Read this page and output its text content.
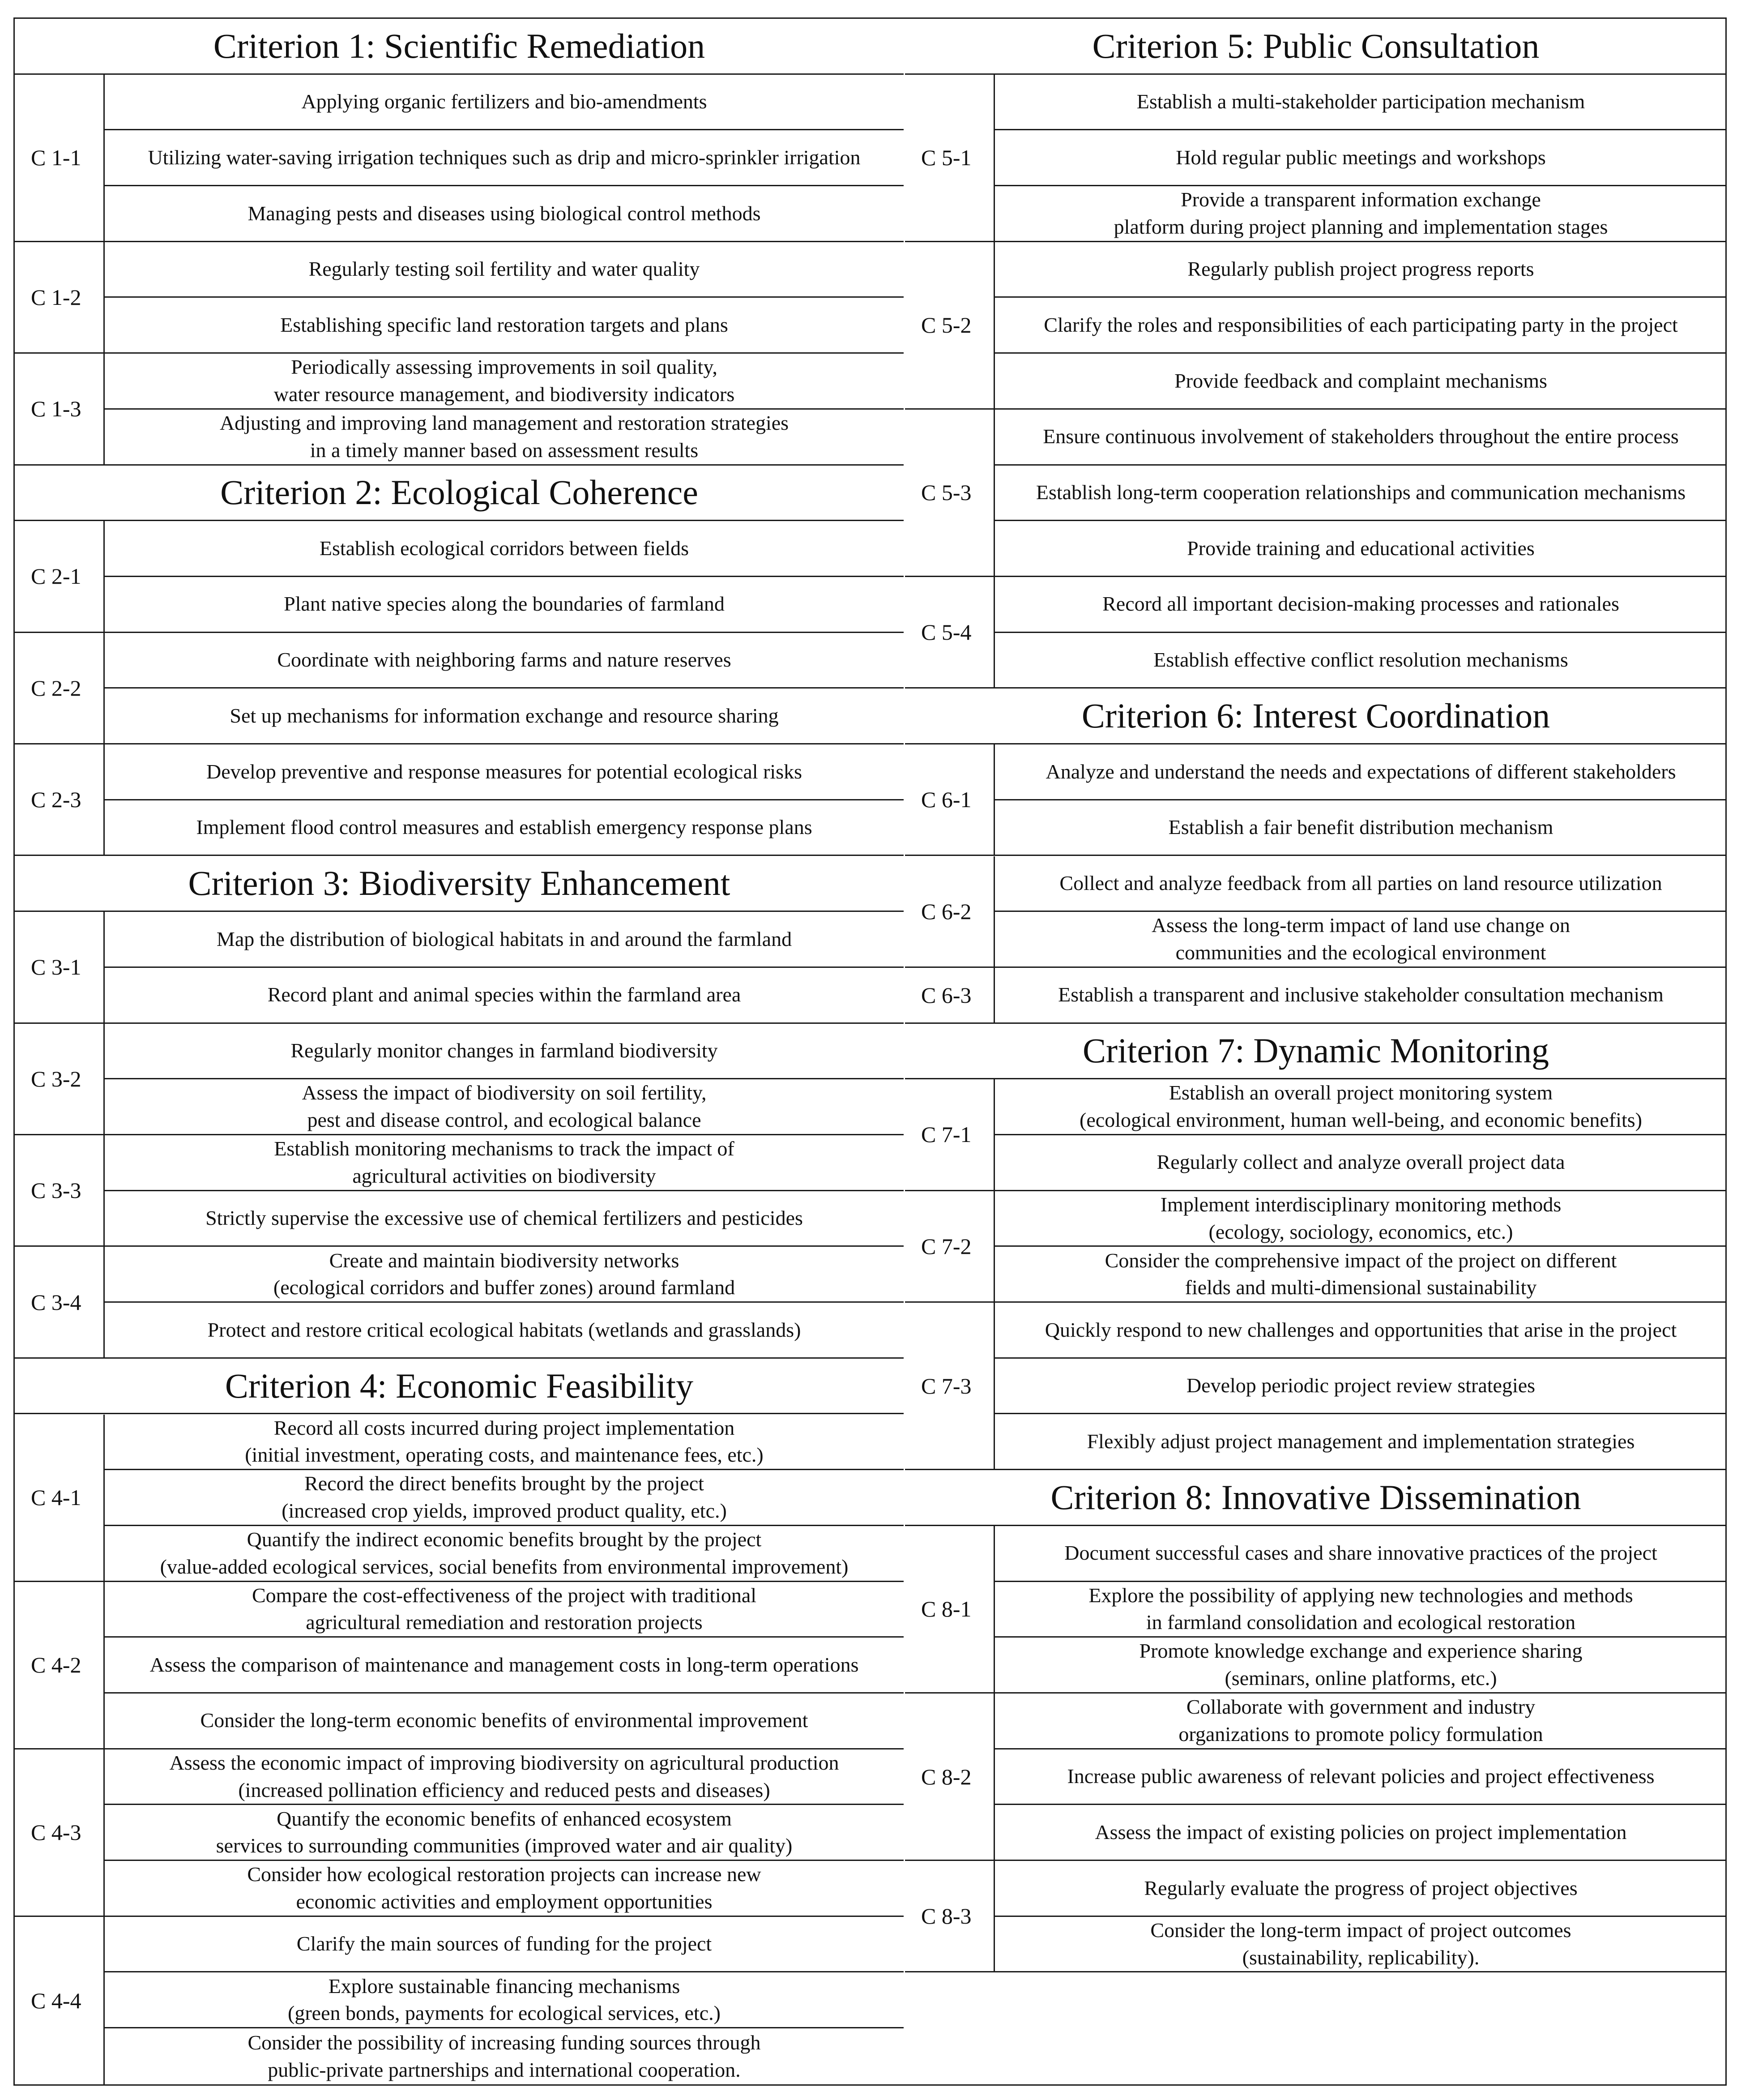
Criterion 1: Scientific Remediation
C 1-1
Applying organic fertilizers and bio-amendments
Utilizing water-saving irrigation techniques such as drip and micro-sprinkler irrigation
Managing pests and diseases using biological control methods
C 1-2
Regularly testing soil fertility and water quality
Establishing specific land restoration targets and plans
C 1-3
Periodically assessing improvements in soil quality,
water resource management, and biodiversity indicators
Adjusting and improving land management and restoration strategies
in a timely manner based on assessment results
Criterion 2: Ecological Coherence
C 2-1
Establish ecological corridors between fields
Plant native species along the boundaries of farmland
C 2-2
Coordinate with neighboring farms and nature reserves
Set up mechanisms for information exchange and resource sharing
C 2-3
Develop preventive and response measures for potential ecological risks
Implement flood control measures and establish emergency response plans
Criterion 3: Biodiversity Enhancement
C 3-1
Map the distribution of biological habitats in and around the farmland
Record plant and animal species within the farmland area
C 3-2
Regularly monitor changes in farmland biodiversity
Assess the impact of biodiversity on soil fertility,
pest and disease control, and ecological balance
C 3-3
Establish monitoring mechanisms to track the impact of
agricultural activities on biodiversity
Strictly supervise the excessive use of chemical fertilizers and pesticides
C 3-4
Create and maintain biodiversity networks
(ecological corridors and buffer zones) around farmland
Protect and restore critical ecological habitats (wetlands and grasslands)
Criterion 4: Economic Feasibility
C 4-1
Record all costs incurred during project implementation
(initial investment, operating costs, and maintenance fees, etc.)
Record the direct benefits brought by the project
(increased crop yields, improved product quality, etc.)
Quantify the indirect economic benefits brought by the project
(value-added ecological services, social benefits from environmental improvement)
C 4-2
Compare the cost-effectiveness of the project with traditional
agricultural remediation and restoration projects
Assess the comparison of maintenance and management costs in long-term operations
Consider the long-term economic benefits of environmental improvement
C 4-3
Assess the economic impact of improving biodiversity on agricultural production
(increased pollination efficiency and reduced pests and diseases)
Quantify the economic benefits of enhanced ecosystem
services to surrounding communities (improved water and air quality)
Consider how ecological restoration projects can increase new
economic activities and employment opportunities
C 4-4
Clarify the main sources of funding for the project
Explore sustainable financing mechanisms
(green bonds, payments for ecological services, etc.)
Consider the possibility of increasing funding sources through
public-private partnerships and international cooperation.
Criterion 5: Public Consultation
C 5-1
Establish a multi-stakeholder participation mechanism
Hold regular public meetings and workshops
Provide a transparent information exchange
platform during project planning and implementation stages
C 5-2
Regularly publish project progress reports
Clarify the roles and responsibilities of each participating party in the project
Provide feedback and complaint mechanisms
C 5-3
Ensure continuous involvement of stakeholders throughout the entire process
Establish long-term cooperation relationships and communication mechanisms
Provide training and educational activities
C 5-4
Record all important decision-making processes and rationales
Establish effective conflict resolution mechanisms
Criterion 6: Interest Coordination
C 6-1
Analyze and understand the needs and expectations of different stakeholders
Establish a fair benefit distribution mechanism
C 6-2
Collect and analyze feedback from all parties on land resource utilization
Assess the long-term impact of land use change on
communities and the ecological environment
C 6-3	Establish a transparent and inclusive stakeholder consultation mechanism
Criterion 7: Dynamic Monitoring
C 7-1
Establish an overall project monitoring system
(ecological environment, human well-being, and economic benefits)
Regularly collect and analyze overall project data
C 7-2
Implement interdisciplinary monitoring methods
(ecology, sociology, economics, etc.)
Consider the comprehensive impact of the project on different
fields and multi-dimensional sustainability
C 7-3
Quickly respond to new challenges and opportunities that arise in the project
Develop periodic project review strategies
Flexibly adjust project management and implementation strategies
Criterion 8: Innovative Dissemination
C 8-1
Document successful cases and share innovative practices of the project
Explore the possibility of applying new technologies and methods
in farmland consolidation and ecological restoration
Promote knowledge exchange and experience sharing
(seminars, online platforms, etc.)
C 8-2
Collaborate with government and industry
organizations to promote policy formulation
Increase public awareness of relevant policies and project effectiveness
Assess the impact of existing policies on project implementation
C 8-3
Regularly evaluate the progress of project objectives
Consider the long-term impact of project outcomes
(sustainability, replicability).
